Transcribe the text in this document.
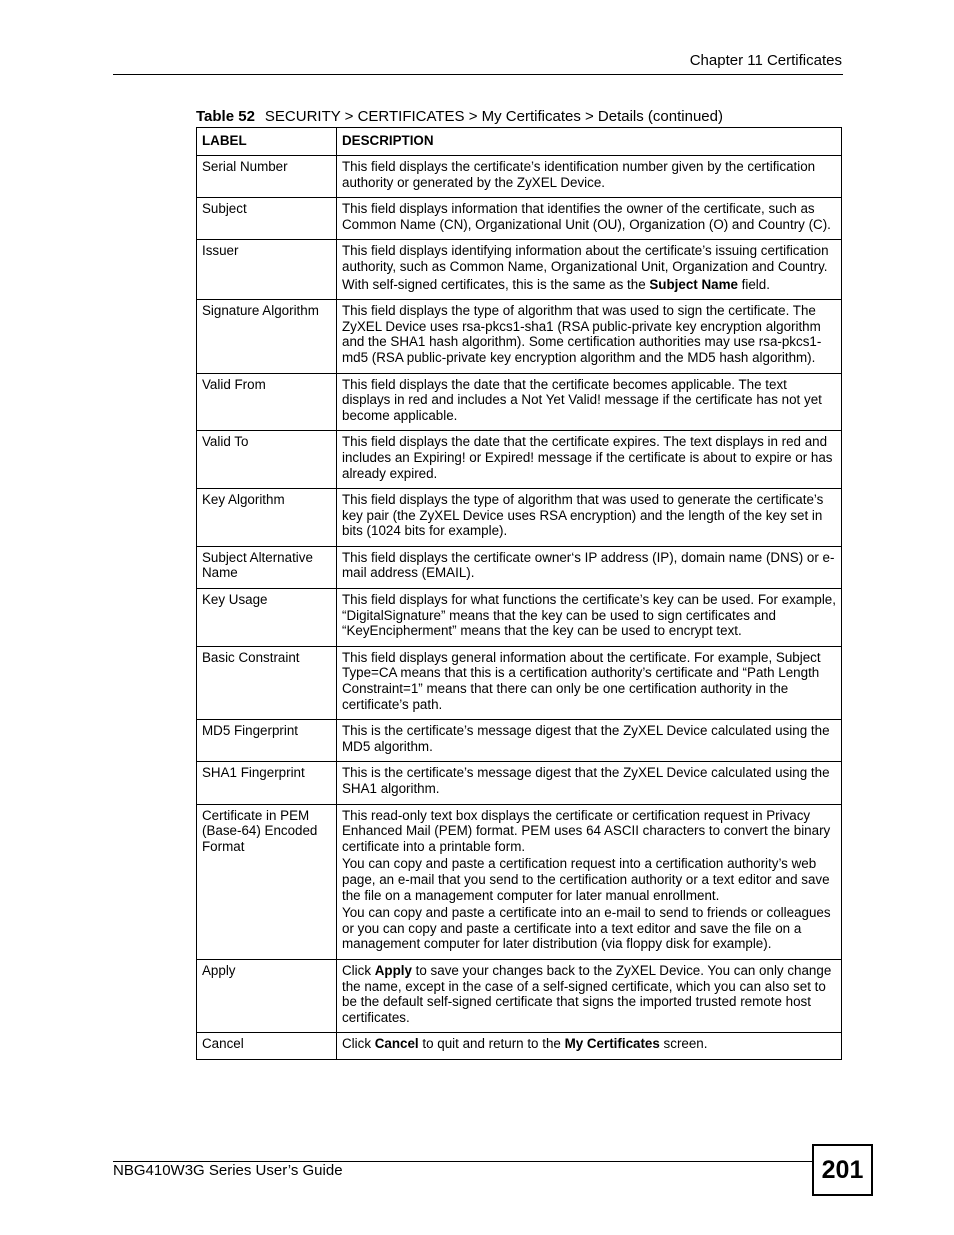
Chapter 11 Certificates
Table 52 SECURITY > CERTIFICATES > My Certificates > Details (continued)
LABEL	DESCRIPTION
Serial Number	This field displays the certificate’s identification number given by the certification authority or generated by the ZyXEL Device.

Subject	This field displays information that identifies the owner of the certificate, such as Common Name (CN), Organizational Unit (OU), Organization (O) and Country (C).

Issuer	This field displays identifying information about the certificate’s issuing certification authority, such as Common Name, Organizational Unit, Organization and Country.
With self-signed certificates, this is the same as the Subject Name field.

Signature Algorithm	This field displays the type of algorithm that was used to sign the certificate. The ZyXEL Device uses rsa-pkcs1-sha1 (RSA public-private key encryption algorithm and the SHA1 hash algorithm). Some certification authorities may use rsa-pkcs1-md5 (RSA public-private key encryption algorithm and the MD5 hash algorithm).

Valid From	This field displays the date that the certificate becomes applicable. The text displays in red and includes a Not Yet Valid! message if the certificate has not yet become applicable.

Valid To	This field displays the date that the certificate expires. The text displays in red and includes an Expiring! or Expired! message if the certificate is about to expire or has already expired.

Key Algorithm	This field displays the type of algorithm that was used to generate the certificate’s key pair (the ZyXEL Device uses RSA encryption) and the length of the key set in bits (1024 bits for example).

Subject Alternative Name	This field displays the certificate owner‘s IP address (IP), domain name (DNS) or e-mail address (EMAIL).

Key Usage	This field displays for what functions the certificate’s key can be used. For example, “DigitalSignature” means that the key can be used to sign certificates and “KeyEncipherment” means that the key can be used to encrypt text.

Basic Constraint	This field displays general information about the certificate. For example, Subject Type=CA means that this is a certification authority’s certificate and “Path Length Constraint=1” means that there can only be one certification authority in the certificate’s path.

MD5 Fingerprint	This is the certificate’s message digest that the ZyXEL Device calculated using the MD5 algorithm.

SHA1 Fingerprint	This is the certificate’s message digest that the ZyXEL Device calculated using the SHA1 algorithm.

Certificate in PEM (Base-64) Encoded Format	This read-only text box displays the certificate or certification request in Privacy Enhanced Mail (PEM) format. PEM uses 64 ASCII characters to convert the binary certificate into a printable form.
You can copy and paste a certification request into a certification authority’s web page, an e-mail that you send to the certification authority or a text editor and save the file on a management computer for later manual enrollment.
You can copy and paste a certificate into an e-mail to send to friends or colleagues or you can copy and paste a certificate into a text editor and save the file on a management computer for later distribution (via floppy disk for example).

Apply	Click Apply to save your changes back to the ZyXEL Device. You can only change the name, except in the case of a self-signed certificate, which you can also set to be the default self-signed certificate that signs the imported trusted remote host certificates.

Cancel	Click Cancel to quit and return to the My Certificates screen.
NBG410W3G Series User’s Guide	201
